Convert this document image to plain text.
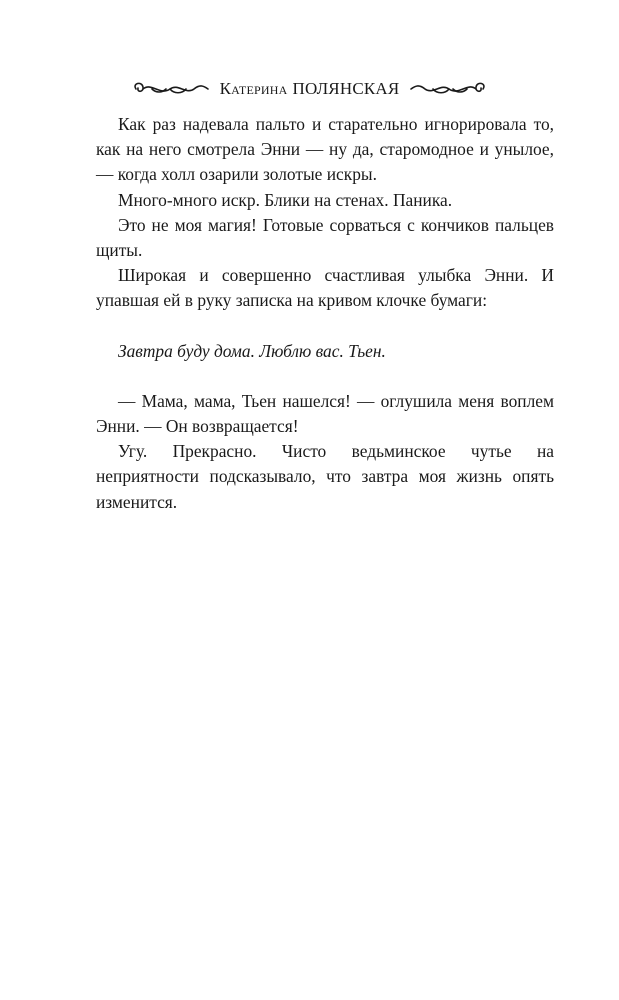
Катерина ПОЛЯНСКАЯ

Как раз надевала пальто и старательно игнорировала то, как на него смотрела Энни — ну да, старомодное и унылое, — когда холл озарили золотые искры.

Много-много искр. Блики на стенах. Паника.

Это не моя магия! Готовые сорваться с кончиков пальцев щиты.

Широкая и совершенно счастливая улыбка Энни. И упавшая ей в руку записка на кривом клочке бумаги:

Завтра буду дома. Люблю вас. Тьен.

— Мама, мама, Тьен нашелся! — оглушила меня воплем Энни. — Он возвращается!

Угу. Прекрасно. Чисто ведьминское чутье на неприятности подсказывало, что завтра моя жизнь опять изменится.
